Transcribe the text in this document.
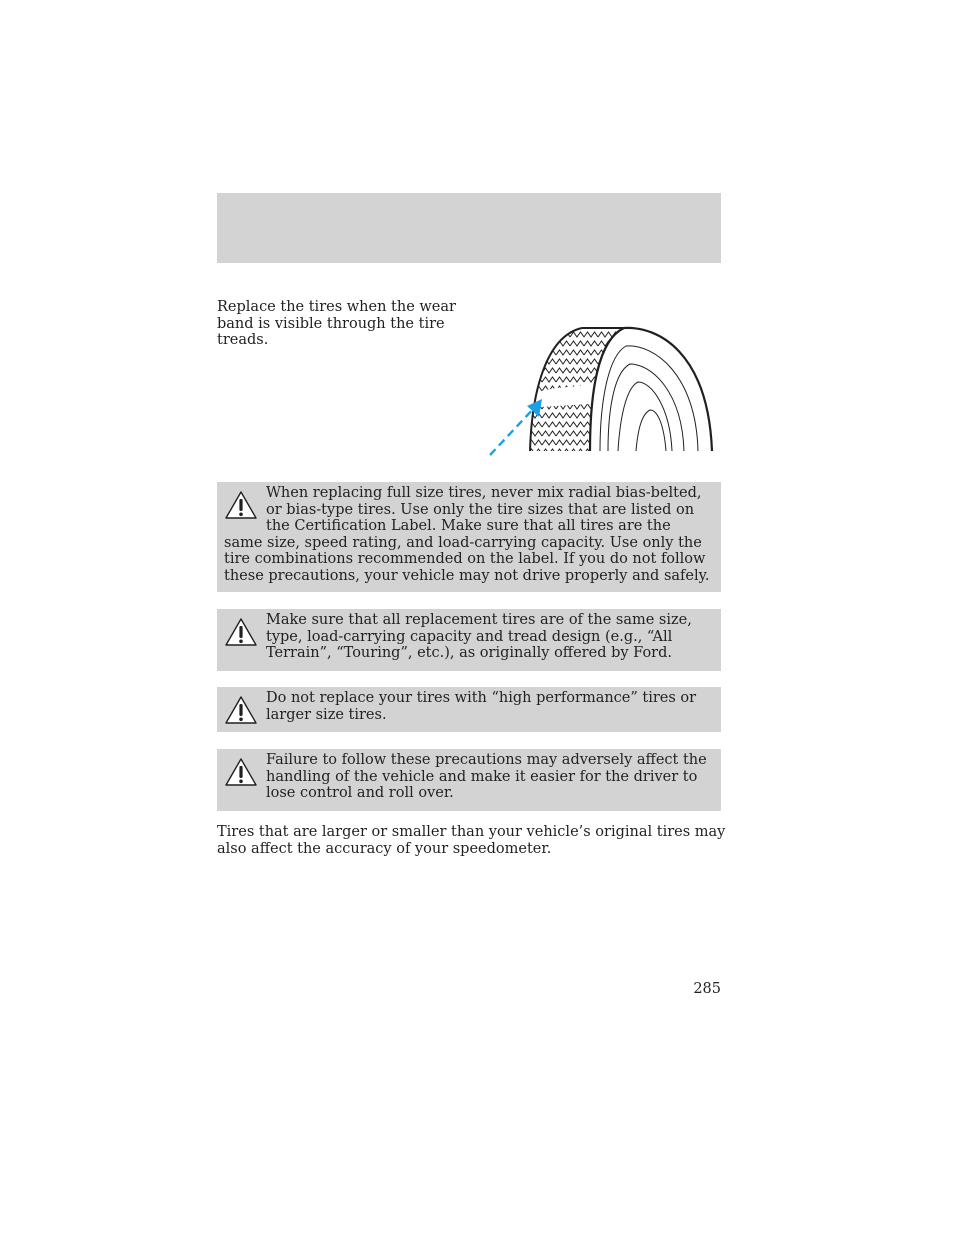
Replace the tires when the wear band is visible through the tire treads.

When replacing full size tires, never mix radial bias-belted, or bias-type tires. Use only the tire sizes that are listed on the Certification Label. Make sure that all tires are the same size, speed rating, and load-carrying capacity. Use only the tire combinations recommended on the label. If you do not follow these precautions, your vehicle may not drive properly and safely.

Make sure that all replacement tires are of the same size, type, load-carrying capacity and tread design (e.g., “All Terrain”, “Touring”, etc.), as originally offered by Ford.

Do not replace your tires with “high performance” tires or larger size tires.

Failure to follow these precautions may adversely affect the handling of the vehicle and make it easier for the driver to lose control and roll over.

Tires that are larger or smaller than your vehicle’s original tires may also affect the accuracy of your speedometer.

285
